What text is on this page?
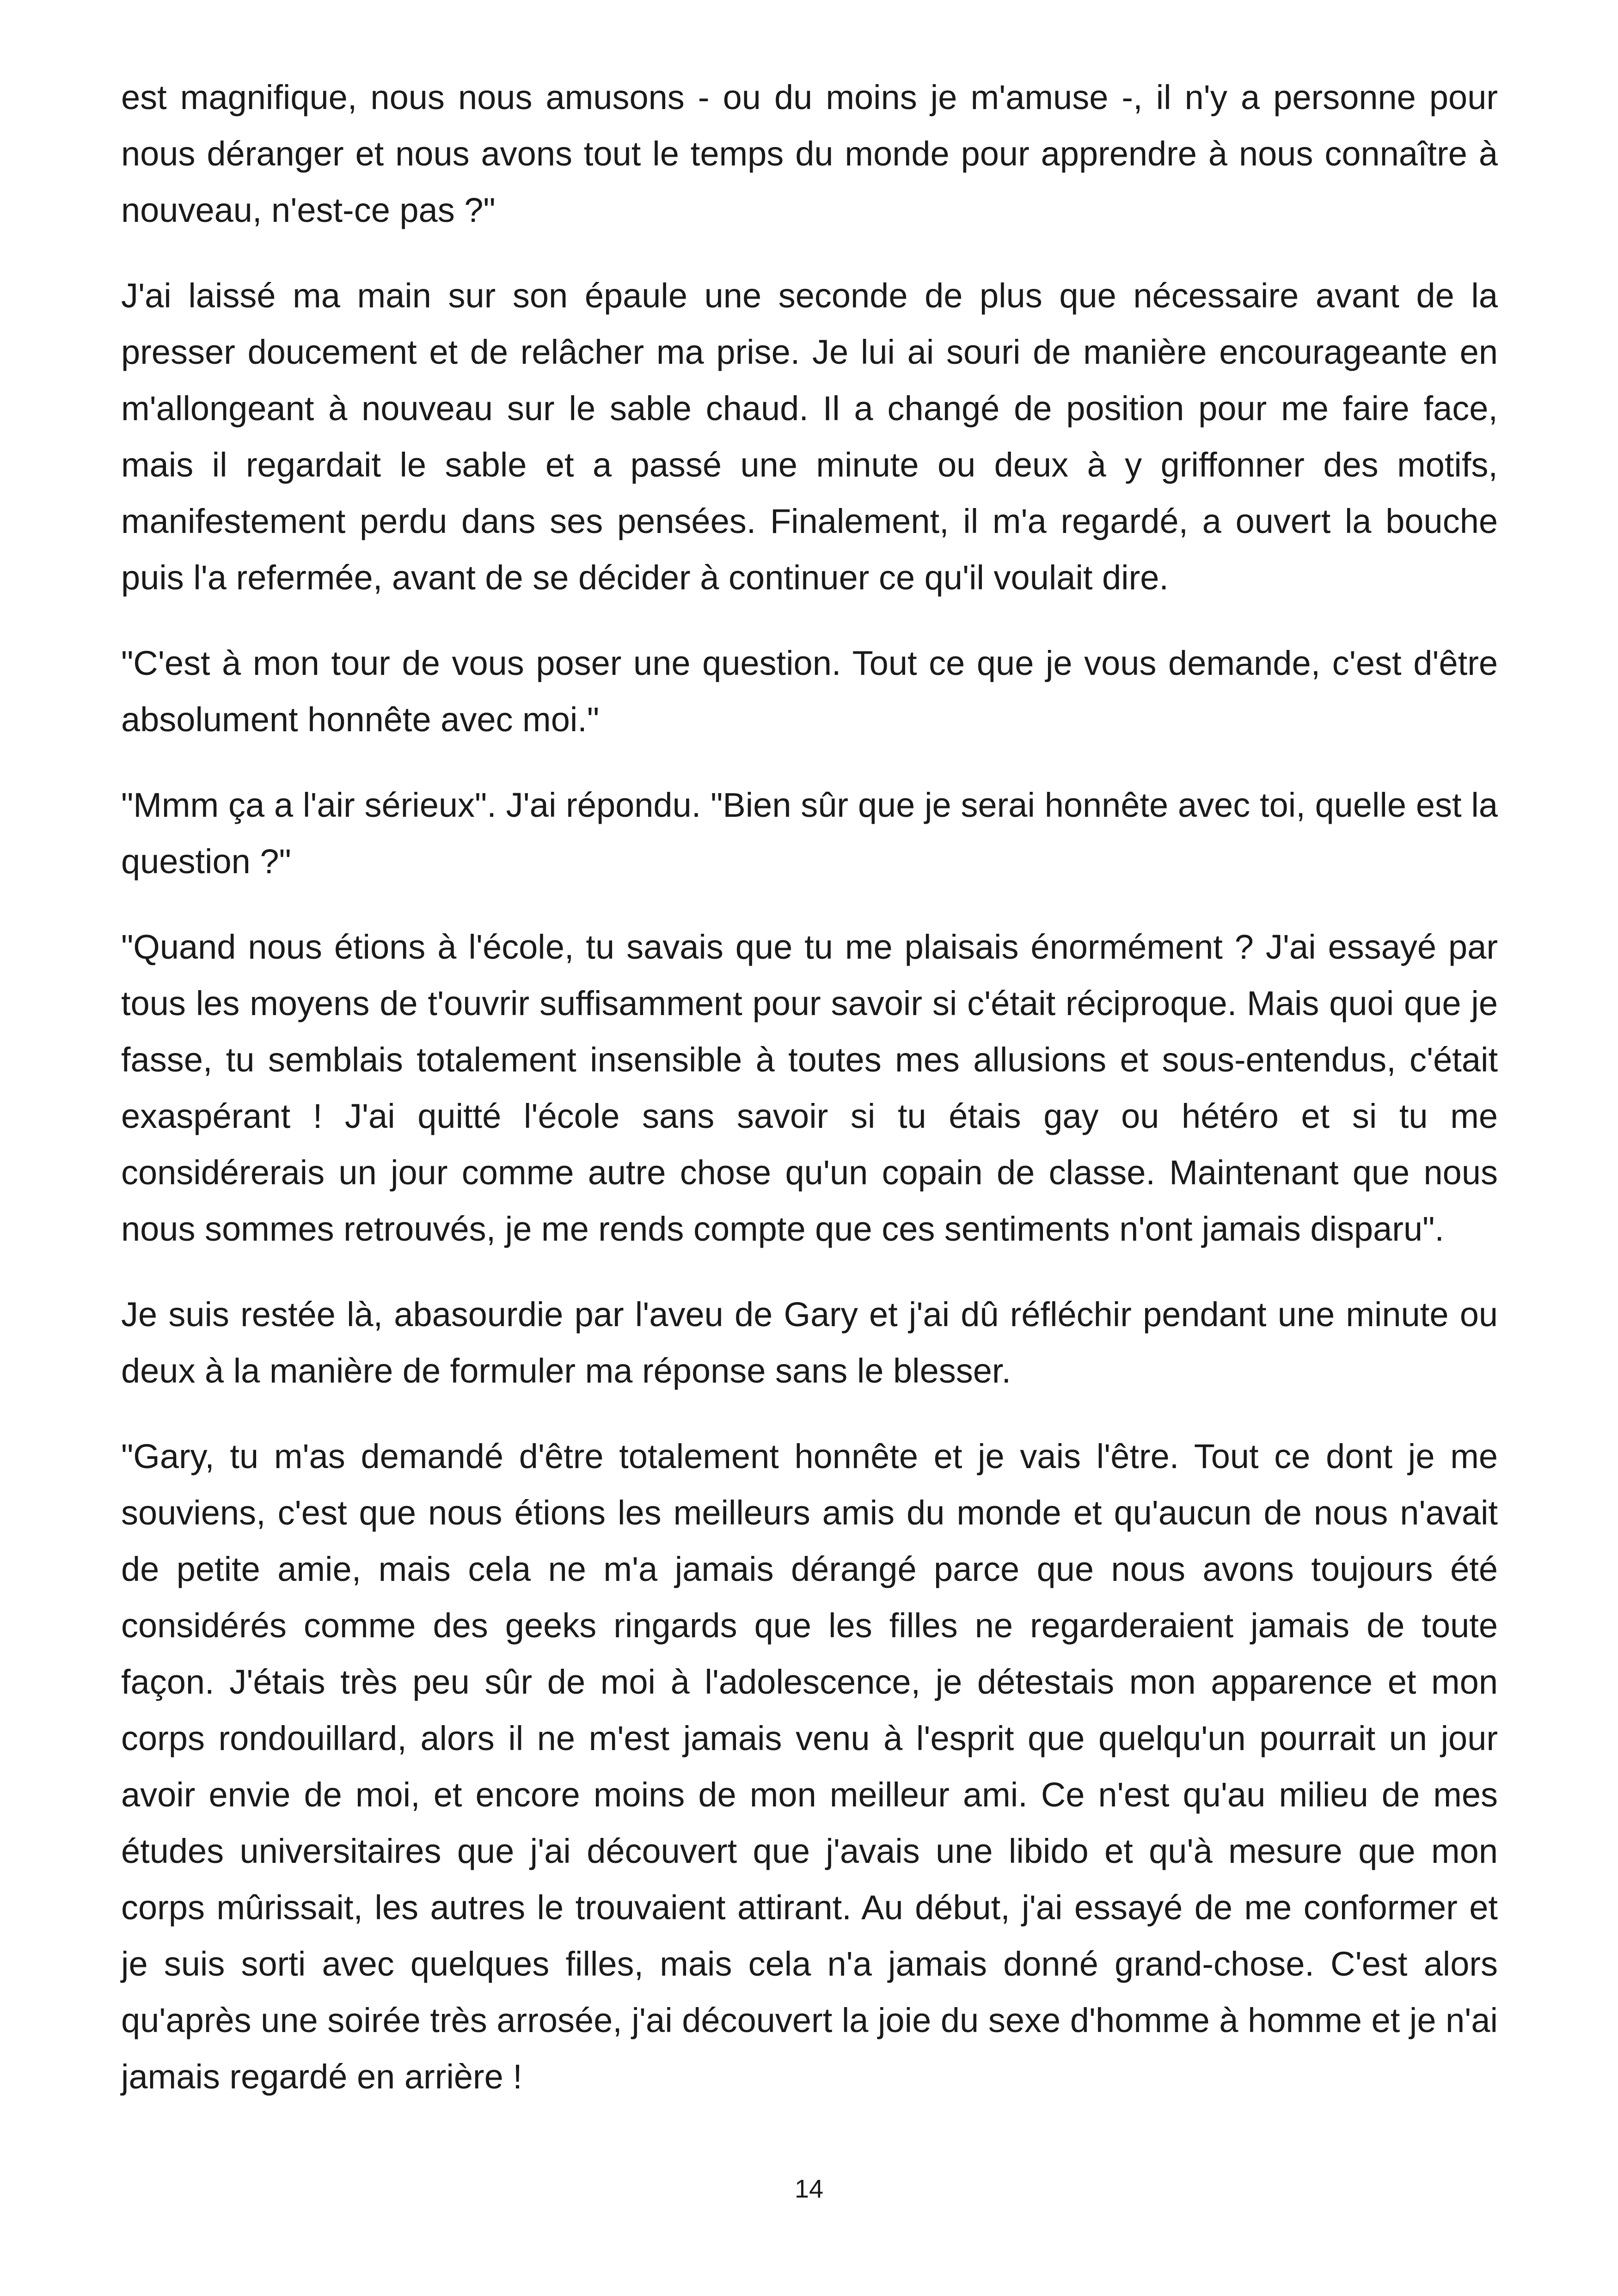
est magnifique, nous nous amusons - ou du moins je m'amuse -, il n'y a personne pour nous déranger et nous avons tout le temps du monde pour apprendre à nous connaître à nouveau, n'est-ce pas ?"

J'ai laissé ma main sur son épaule une seconde de plus que nécessaire avant de la presser doucement et de relâcher ma prise. Je lui ai souri de manière encourageante en m'allongeant à nouveau sur le sable chaud. Il a changé de position pour me faire face, mais il regardait le sable et a passé une minute ou deux à y griffonner des motifs, manifestement perdu dans ses pensées. Finalement, il m'a regardé, a ouvert la bouche puis l'a refermée, avant de se décider à continuer ce qu'il voulait dire.

"C'est à mon tour de vous poser une question. Tout ce que je vous demande, c'est d'être absolument honnête avec moi."

"Mmm ça a l'air sérieux". J'ai répondu. "Bien sûr que je serai honnête avec toi, quelle est la question ?"

"Quand nous étions à l'école, tu savais que tu me plaisais énormément ? J'ai essayé par tous les moyens de t'ouvrir suffisamment pour savoir si c'était réciproque. Mais quoi que je fasse, tu semblais totalement insensible à toutes mes allusions et sous-entendus, c'était exaspérant ! J'ai quitté l'école sans savoir si tu étais gay ou hétéro et si tu me considérerais un jour comme autre chose qu'un copain de classe. Maintenant que nous nous sommes retrouvés, je me rends compte que ces sentiments n'ont jamais disparu".

Je suis restée là, abasourdie par l'aveu de Gary et j'ai dû réfléchir pendant une minute ou deux à la manière de formuler ma réponse sans le blesser.

"Gary, tu m'as demandé d'être totalement honnête et je vais l'être. Tout ce dont je me souviens, c'est que nous étions les meilleurs amis du monde et qu'aucun de nous n'avait de petite amie, mais cela ne m'a jamais dérangé parce que nous avons toujours été considérés comme des geeks ringards que les filles ne regarderaient jamais de toute façon. J'étais très peu sûr de moi à l'adolescence, je détestais mon apparence et mon corps rondouillard, alors il ne m'est jamais venu à l'esprit que quelqu'un pourrait un jour avoir envie de moi, et encore moins de mon meilleur ami. Ce n'est qu'au milieu de mes études universitaires que j'ai découvert que j'avais une libido et qu'à mesure que mon corps mûrissait, les autres le trouvaient attirant. Au début, j'ai essayé de me conformer et je suis sorti avec quelques filles, mais cela n'a jamais donné grand-chose. C'est alors qu'après une soirée très arrosée, j'ai découvert la joie du sexe d'homme à homme et je n'ai jamais regardé en arrière !

14
